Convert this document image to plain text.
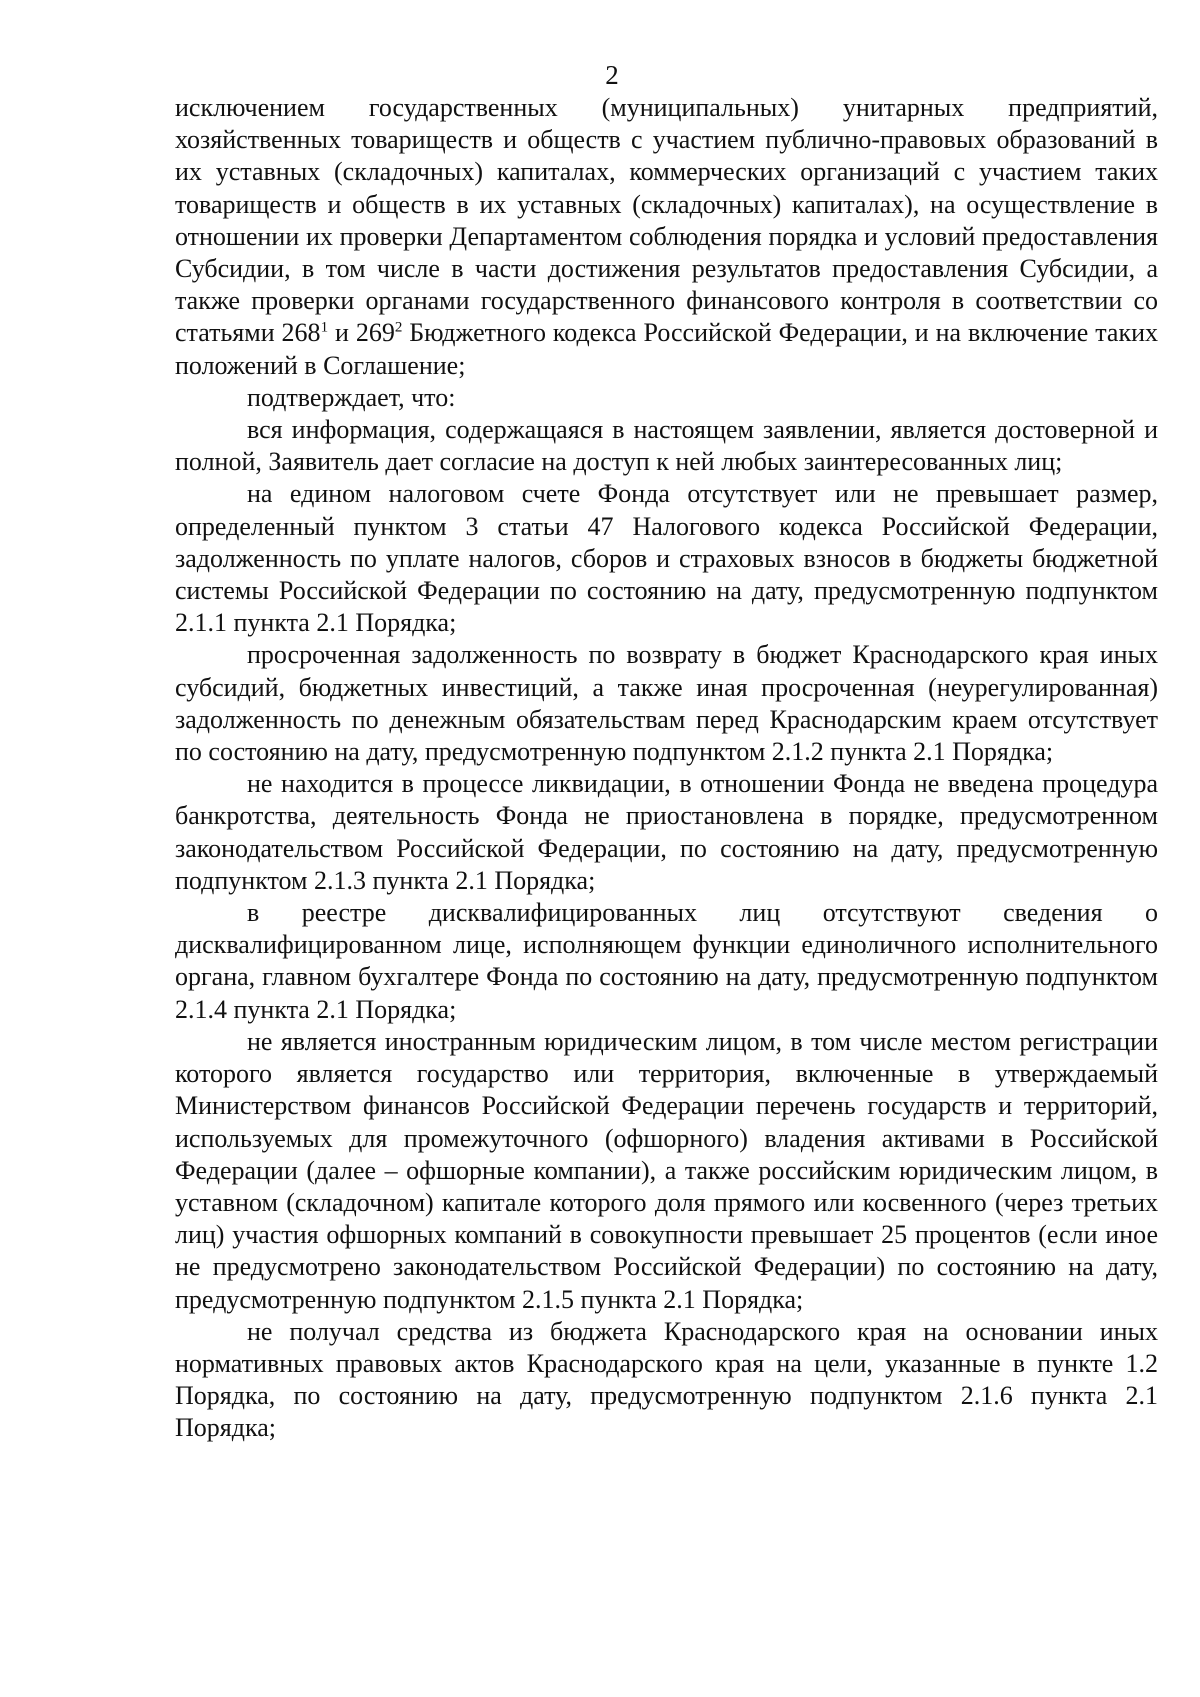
2

исключением государственных (муниципальных) унитарных предприятий, хозяйственных товариществ и обществ с участием публично-правовых образований в их уставных (складочных) капиталах, коммерческих организаций с участием таких товариществ и обществ в их уставных (складочных) капиталах), на осуществление в отношении их проверки Департаментом соблюдения порядка и условий предоставления Субсидии, в том числе в части достижения результатов предоставления Субсидии, а также проверки органами государственного финансового контроля в соответствии со статьями $268^1$ и $269^2$ Бюджетного кодекса Российской Федерации, и на включение таких положений в Соглашение;

подтверждает, что:

вся информация, содержащаяся в настоящем заявлении, является достоверной и полной, Заявитель дает согласие на доступ к ней любых заинтересованных лиц;

на едином налоговом счете Фонда отсутствует или не превышает размер, определенный пунктом 3 статьи 47 Налогового кодекса Российской Федерации, задолженность по уплате налогов, сборов и страховых взносов в бюджеты бюджетной системы Российской Федерации по состоянию на дату, предусмотренную подпунктом 2.1.1 пункта 2.1 Порядка;

просроченная задолженность по возврату в бюджет Краснодарского края иных субсидий, бюджетных инвестиций, а также иная просроченная (неурегулированная) задолженность по денежным обязательствам перед Краснодарским краем отсутствует по состоянию на дату, предусмотренную подпунктом 2.1.2 пункта 2.1 Порядка;

не находится в процессе ликвидации, в отношении Фонда не введена процедура банкротства, деятельность Фонда не приостановлена в порядке, предусмотренном законодательством Российской Федерации, по состоянию на дату, предусмотренную подпунктом 2.1.3 пункта 2.1 Порядка;

в реестре дисквалифицированных лиц отсутствуют сведения о дисквалифицированном лице, исполняющем функции единоличного исполнительного органа, главном бухгалтере Фонда по состоянию на дату, предусмотренную подпунктом 2.1.4 пункта 2.1 Порядка;

не является иностранным юридическим лицом, в том числе местом регистрации которого является государство или территория, включенные в утверждаемый Министерством финансов Российской Федерации перечень государств и территорий, используемых для промежуточного (офшорного) владения активами в Российской Федерации (далее – офшорные компании), а также российским юридическим лицом, в уставном (складочном) капитале которого доля прямого или косвенного (через третьих лиц) участия офшорных компаний в совокупности превышает 25 процентов (если иное не предусмотрено законодательством Российской Федерации) по состоянию на дату, предусмотренную подпунктом 2.1.5 пункта 2.1 Порядка;

не получал средства из бюджета Краснодарского края на основании иных нормативных правовых актов Краснодарского края на цели, указанные в пункте 1.2 Порядка, по состоянию на дату, предусмотренную подпунктом 2.1.6 пункта 2.1 Порядка;
